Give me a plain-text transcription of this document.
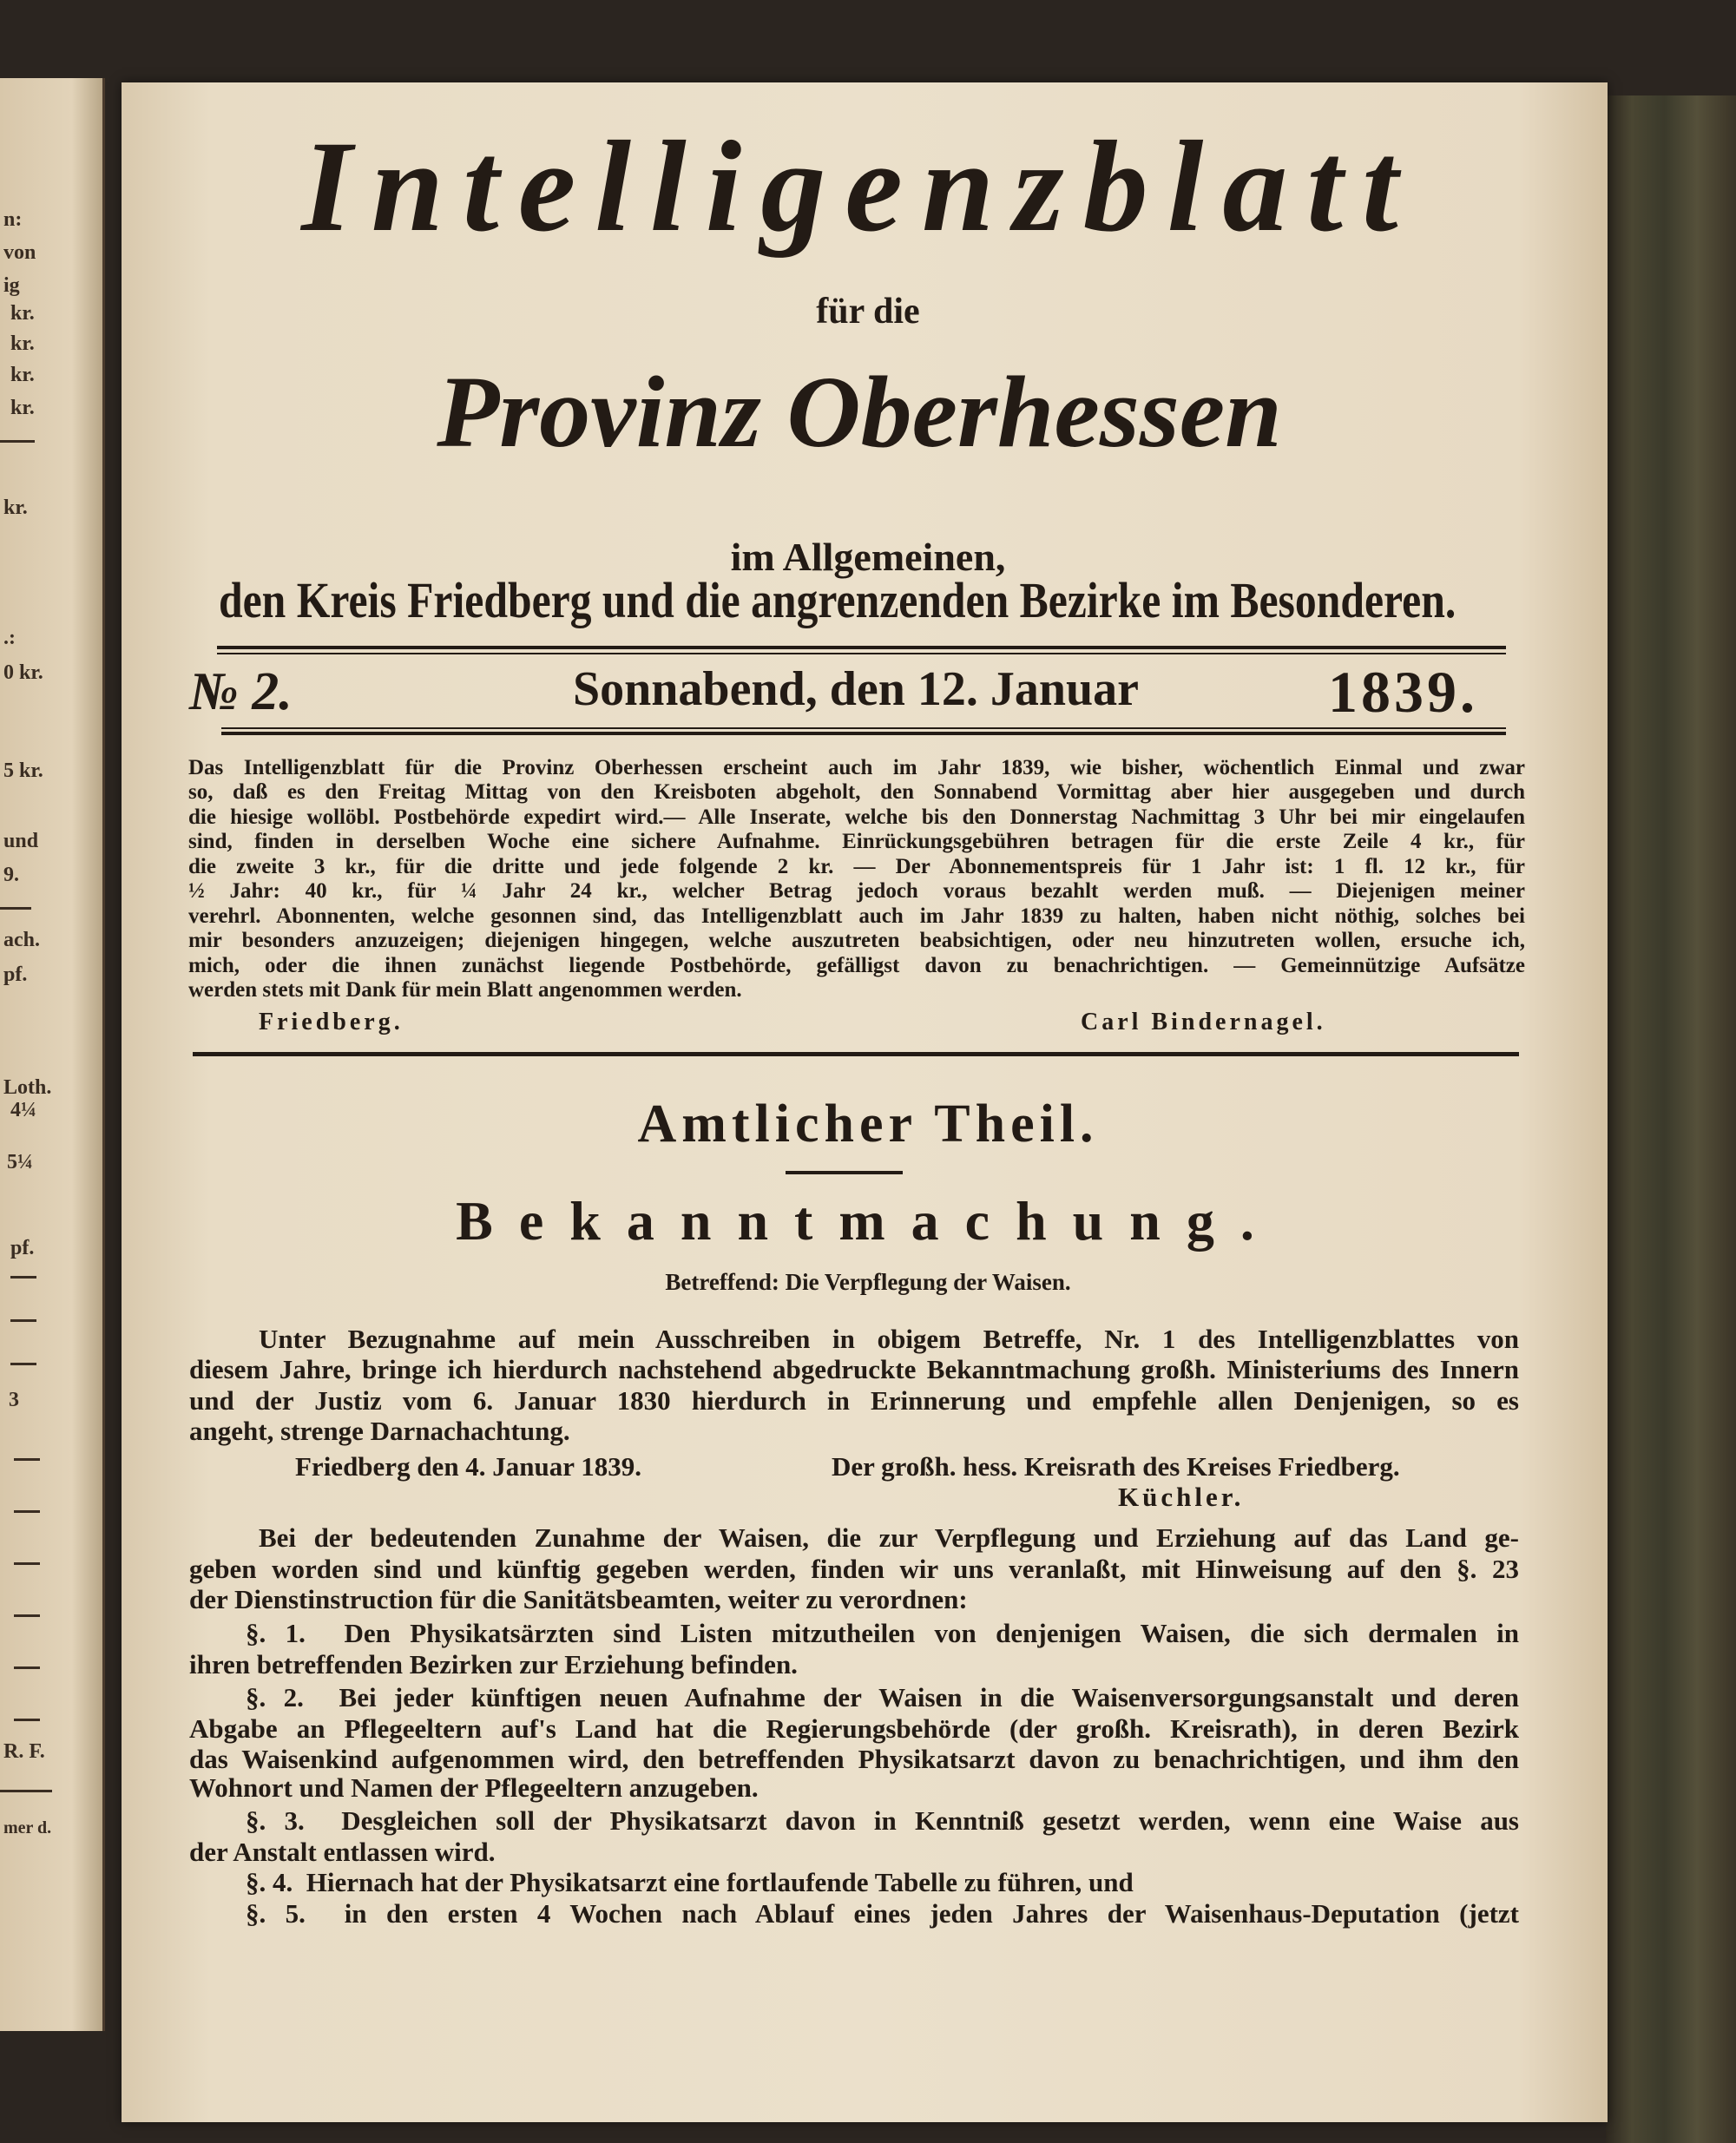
n:
von
ig
kr.
kr.
kr.
kr.
kr.
.:
0 kr.
5 kr.
und
9.
ach.
pf.
Loth.
4¼
5¼
pf.
3
R. F.
mer d.
Intelligenzblatt
für die
Provinz Oberhessen
im Allgemeinen,
den Kreis Friedberg und die angrenzenden Bezirke im Besonderen.
№ 2.	Sonnabend, den 12. Januar	1839.
Das Intelligenzblatt für die Provinz Oberhessen erscheint auch im Jahr 1839, wie bisher, wöchentlich Einmal und zwar
so, daß es den Freitag Mittag von den Kreisboten abgeholt, den Sonnabend Vormittag aber hier ausgegeben und durch
die hiesige wollöbl. Postbehörde expedirt wird.— Alle Inserate, welche bis den Donnerstag Nachmittag 3 Uhr bei mir eingelaufen
sind, finden in derselben Woche eine sichere Aufnahme. Einrückungsgebühren betragen für die erste Zeile 4 kr., für
die zweite 3 kr., für die dritte und jede folgende 2 kr. — Der Abonnementspreis für 1 Jahr ist: 1 fl. 12 kr., für
½ Jahr: 40 kr., für ¼ Jahr 24 kr., welcher Betrag jedoch voraus bezahlt werden muß. — Diejenigen meiner
verehrl. Abonnenten, welche gesonnen sind, das Intelligenzblatt auch im Jahr 1839 zu halten, haben nicht nöthig, solches bei
mir besonders anzuzeigen; diejenigen hingegen, welche auszutreten beabsichtigen, oder neu hinzutreten wollen, ersuche ich,
mich, oder die ihnen zunächst liegende Postbehörde, gefälligst davon zu benachrichtigen. — Gemeinnützige Aufsätze
werden stets mit Dank für mein Blatt angenommen werden.
Friedberg.	Carl Bindernagel.
Amtlicher Theil.
Bekanntmachung.
Betreffend: Die Verpflegung der Waisen.
Unter Bezugnahme auf mein Ausschreiben in obigem Betreffe, Nr. 1 des Intelligenzblattes von
diesem Jahre, bringe ich hierdurch nachstehend abgedruckte Bekanntmachung großh. Ministeriums des Innern
und der Justiz vom 6. Januar 1830 hierdurch in Erinnerung und empfehle allen Denjenigen, so es
angeht, strenge Darnachachtung.
Friedberg den 4. Januar 1839.	Der großh. hess. Kreisrath des Kreises Friedberg.
Küchler.
Bei der bedeutenden Zunahme der Waisen, die zur Verpflegung und Erziehung auf das Land ge-
geben worden sind und künftig gegeben werden, finden wir uns veranlaßt, mit Hinweisung auf den §. 23
der Dienstinstruction für die Sanitätsbeamten, weiter zu verordnen:
§. 1.  Den Physikatsärzten sind Listen mitzutheilen von denjenigen Waisen, die sich dermalen in
ihren betreffenden Bezirken zur Erziehung befinden.
§. 2.  Bei jeder künftigen neuen Aufnahme der Waisen in die Waisenversorgungsanstalt und deren
Abgabe an Pflegeeltern auf's Land hat die Regierungsbehörde (der großh. Kreisrath), in deren Bezirk
das Waisenkind aufgenommen wird, den betreffenden Physikatsarzt davon zu benachrichtigen, und ihm den
Wohnort und Namen der Pflegeeltern anzugeben.
§. 3.  Desgleichen soll der Physikatsarzt davon in Kenntniß gesetzt werden, wenn eine Waise aus
der Anstalt entlassen wird.
§. 4.  Hiernach hat der Physikatsarzt eine fortlaufende Tabelle zu führen, und
§. 5.  in den ersten 4 Wochen nach Ablauf eines jeden Jahres der Waisenhaus-Deputation (jetzt
